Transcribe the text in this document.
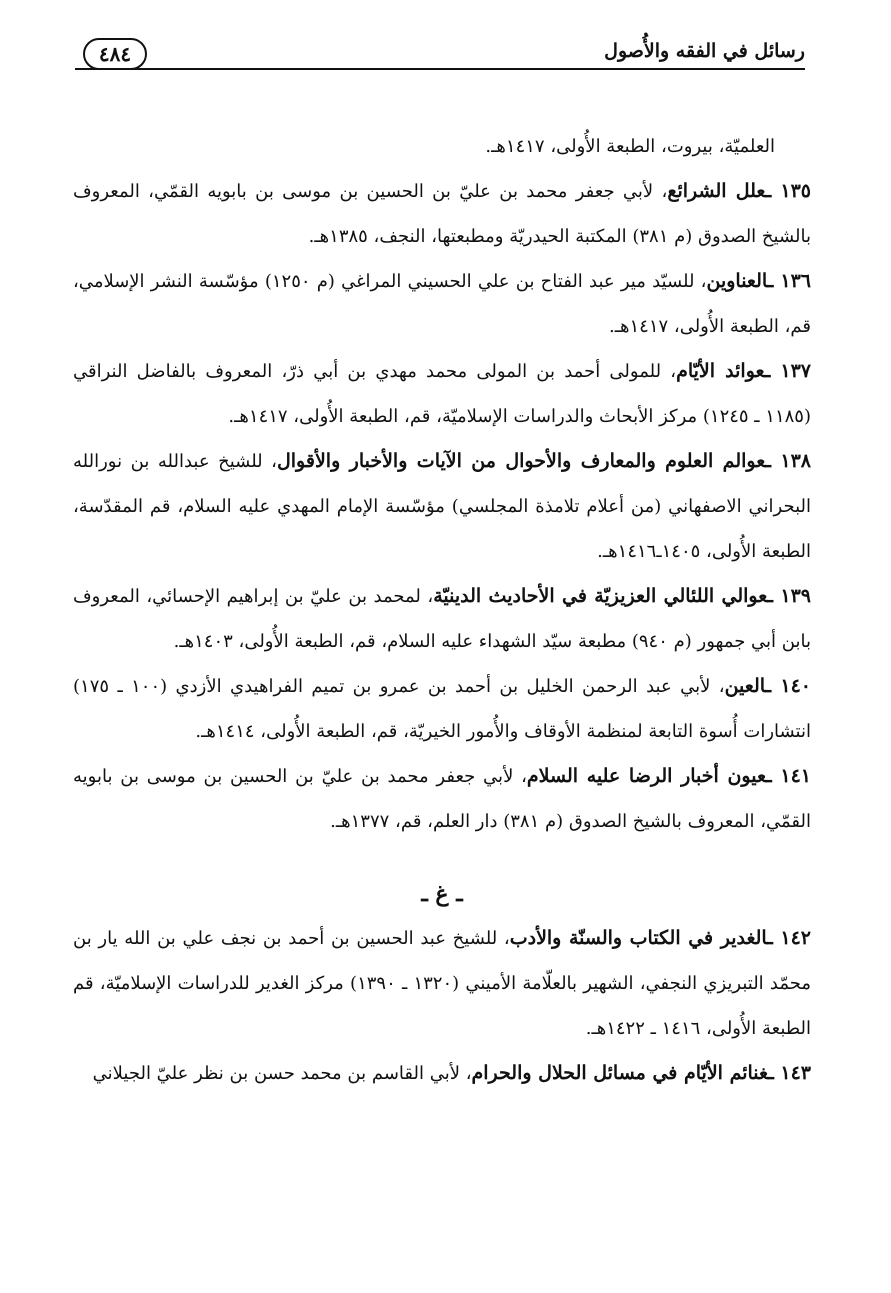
رسائل في الفقه والأُصول
٤٨٤

العلميّة، بيروت، الطبعة الأُولى، ١٤١٧هـ.

١٣٥ ـعلل الشرائع، لأبي جعفر محمد بن عليّ بن الحسين بن موسى بن بابويه القمّي، المعروف بالشيخ الصدوق (م ٣٨١) المكتبة الحيدريّة ومطبعتها، النجف، ١٣٨٥هـ.

١٣٦ ـالعناوين، للسيّد مير عبد الفتاح بن علي الحسيني المراغي (م ١٢٥٠) مؤسّسة النشر الإسلامي، قم، الطبعة الأُولى، ١٤١٧هـ.

١٣٧ ـعوائد الأيّام، للمولى أحمد بن المولى محمد مهدي بن أبي ذرّ، المعروف بالفاضل النراقي (١١٨٥ ـ ١٢٤٥) مركز الأبحاث والدراسات الإسلاميّة، قم، الطبعة الأُولى، ١٤١٧هـ.

١٣٨ ـعوالم العلوم والمعارف والأحوال من الآيات والأخبار والأقوال، للشيخ عبدالله بن نورالله البحراني الاصفهاني (من أعلام تلامذة المجلسي) مؤسّسة الإمام المهدي عليه السلام، قم المقدّسة، الطبعة الأُولى، ١٤٠٥ـ١٤١٦هـ.

١٣٩ ـعوالي اللئالي العزيزيّة في الأحاديث الدينيّة، لمحمد بن عليّ بن إبراهيم الإحسائي، المعروف بابن أبي جمهور (م ٩٤٠) مطبعة سيّد الشهداء عليه السلام، قم، الطبعة الأُولى، ١٤٠٣هـ.

١٤٠ ـالعين، لأبي عبد الرحمن الخليل بن أحمد بن عمرو بن تميم الفراهيدي الأزدي (١٠٠ ـ ١٧٥) انتشارات أُسوة التابعة لمنظمة الأوقاف والأُمور الخيريّة، قم، الطبعة الأُولى، ١٤١٤هـ.

١٤١ ـعيون أخبار الرضا عليه السلام، لأبي جعفر محمد بن عليّ بن الحسين بن موسى بن بابويه القمّي، المعروف بالشيخ الصدوق (م ٣٨١) دار العلم، قم، ١٣٧٧هـ.

ـ غ ـ

١٤٢ ـالغدير في الكتاب والسنّة والأدب، للشيخ عبد الحسين بن أحمد بن نجف علي بن الله يار بن محمّد التبريزي النجفي، الشهير بالعلّامة الأميني (١٣٢٠ ـ ١٣٩٠) مركز الغدير للدراسات الإسلاميّة، قم الطبعة الأُولى، ١٤١٦ ـ ١٤٢٢هـ.

١٤٣ ـغنائم الأيّام في مسائل الحلال والحرام، لأبي القاسم بن محمد حسن بن نظر عليّ الجيلاني
